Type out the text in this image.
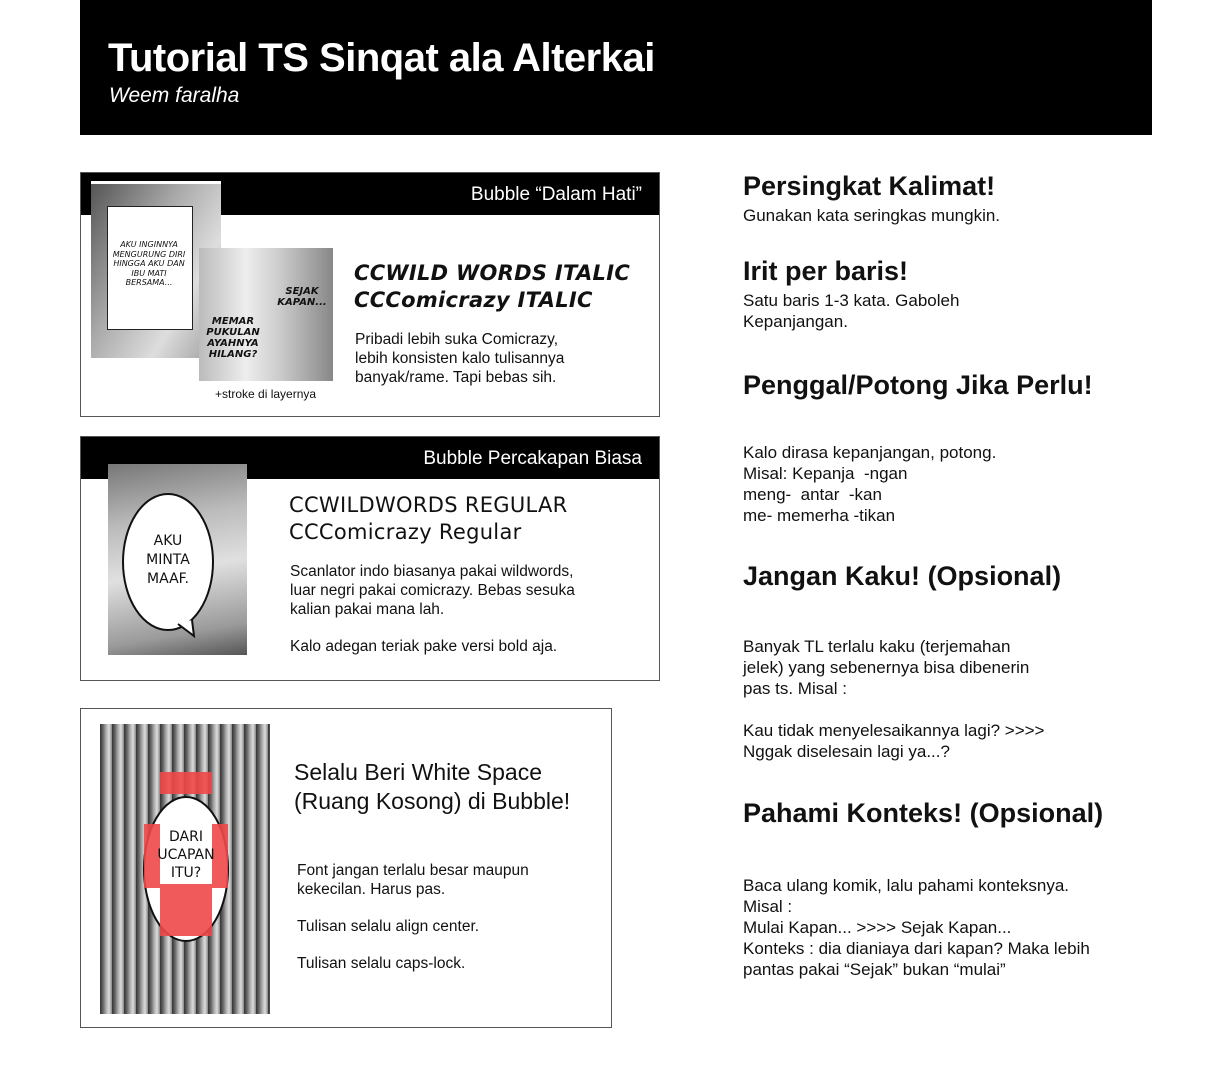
Tutorial TS Sinqat ala Alterkai
Weem faralha
Bubble “Dalam Hati”
AKU INGINNYA MENGURUNG DIRI HINGGA AKU DAN IBU MATI BERSAMA...
SEJAK KAPAN...
MEMAR PUKULAN AYAHNYA HILANG?
+stroke di layernya
CCWILD WORDS ITALIC
CCComicrazy ITALIC
Pribadi lebih suka Comicrazy, lebih konsisten kalo tulisannya banyak/rame. Tapi bebas sih.
Bubble Percakapan Biasa
AKU MINTA MAAF.
CCWILDWORDS REGULAR
CCComicrazy Regular

Scanlator indo biasanya pakai wildwords, luar negri pakai comicrazy. Bebas sesuka kalian pakai mana lah.

Kalo adegan teriak pake versi bold aja.

DARI UCAPAN ITU?
Selalu Beri White Space (Ruang Kosong) di Bubble!

Font jangan terlalu besar maupun kekecilan. Harus pas.

Tulisan selalu align center.

Tulisan selalu caps-lock.

Persingkat Kalimat!
Gunakan kata seringkas mungkin.
Irit per baris!
Satu baris 1-3 kata. Gaboleh
Kepanjangan.
Penggal/Potong Jika Perlu!
Kalo dirasa kepanjangan, potong.
Misal: Kepanja  -ngan
meng-  antar  -kan
me- memerha -tikan
Jangan Kaku! (Opsional)
Banyak TL terlalu kaku (terjemahan
jelek) yang sebenernya bisa dibenerin
pas ts. Misal :

Kau tidak menyelesaikannya lagi? >>>>
Nggak diselesain lagi ya...?
Pahami Konteks! (Opsional)
Baca ulang komik, lalu pahami konteksnya.
Misal :
Mulai Kapan... >>>> Sejak Kapan...
Konteks : dia dianiaya dari kapan? Maka lebih
pantas pakai “Sejak” bukan “mulai”
